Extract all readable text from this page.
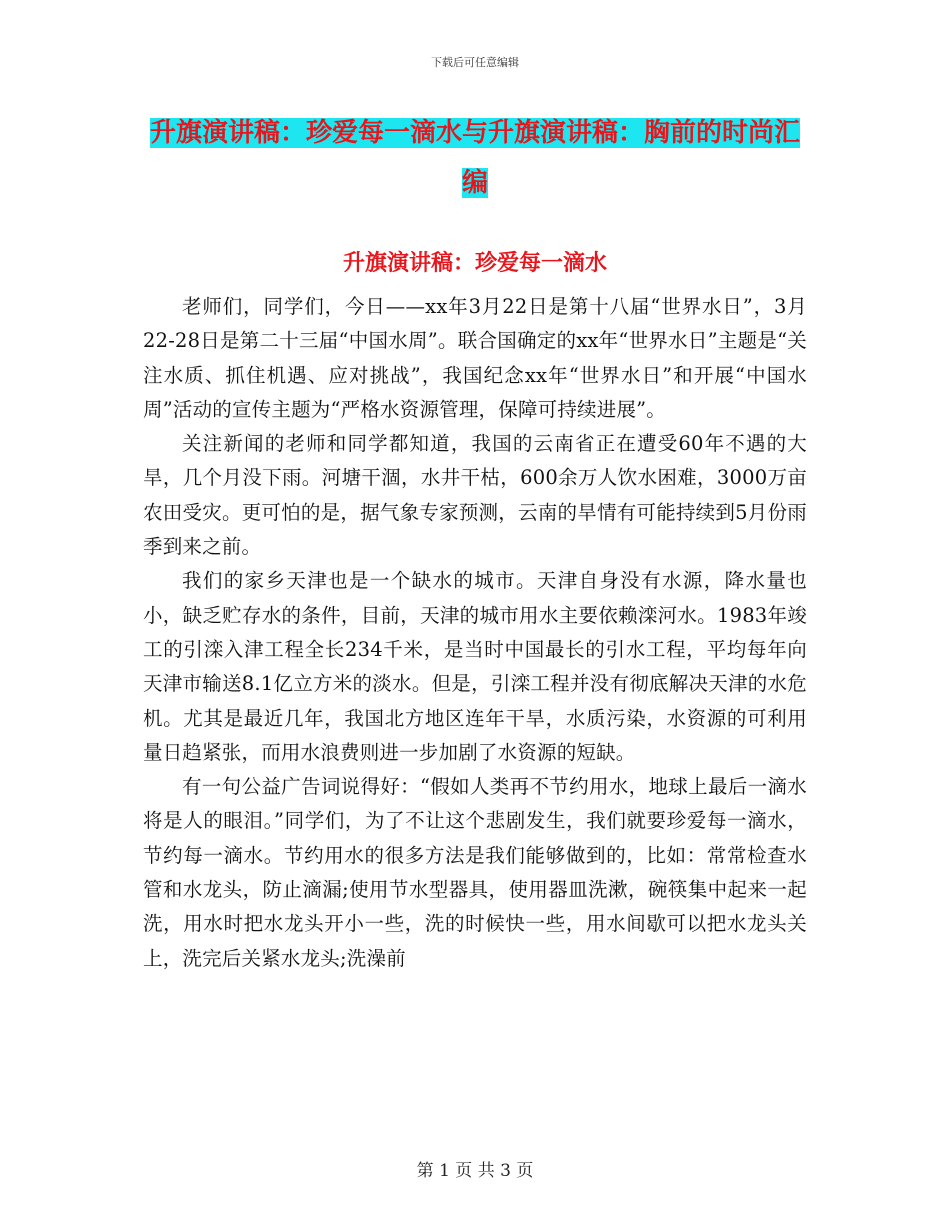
下载后可任意编辑
升旗演讲稿：珍爱每一滴水与升旗演讲稿：胸前的时尚汇编
升旗演讲稿：珍爱每一滴水

老师们，同学们，今日——xx年3月22日是第十八届“世界水日”，3月22-28日是第二十三届“中国水周”。联合国确定的xx年“世界水日”主题是“关注水质、抓住机遇、应对挑战”，我国纪念xx年“世界水日”和开展“中国水周”活动的宣传主题为“严格水资源管理，保障可持续进展”。

关注新闻的老师和同学都知道，我国的云南省正在遭受60年不遇的大旱，几个月没下雨。河塘干涸，水井干枯，600余万人饮水困难，3000万亩农田受灾。更可怕的是，据气象专家预测，云南的旱情有可能持续到5月份雨季到来之前。

我们的家乡天津也是一个缺水的城市。天津自身没有水源，降水量也小，缺乏贮存水的条件，目前，天津的城市用水主要依赖滦河水。1983年竣工的引滦入津工程全长234千米，是当时中国最长的引水工程，平均每年向天津市输送8.1亿立方米的淡水。但是，引滦工程并没有彻底解决天津的水危机。尤其是最近几年，我国北方地区连年干旱，水质污染，水资源的可利用量日趋紧张，而用水浪费则进一步加剧了水资源的短缺。

有一句公益广告词说得好：“假如人类再不节约用水，地球上最后一滴水将是人的眼泪。”同学们，为了不让这个悲剧发生，我们就要珍爱每一滴水，节约每一滴水。节约用水的很多方法是我们能够做到的，比如：常常检查水管和水龙头，防止滴漏;使用节水型器具，使用器皿洗漱，碗筷集中起来一起洗，用水时把水龙头开小一些，洗的时候快一些，用水间歇可以把水龙头关上，洗完后关紧水龙头;洗澡前

第 1 页 共 3 页
